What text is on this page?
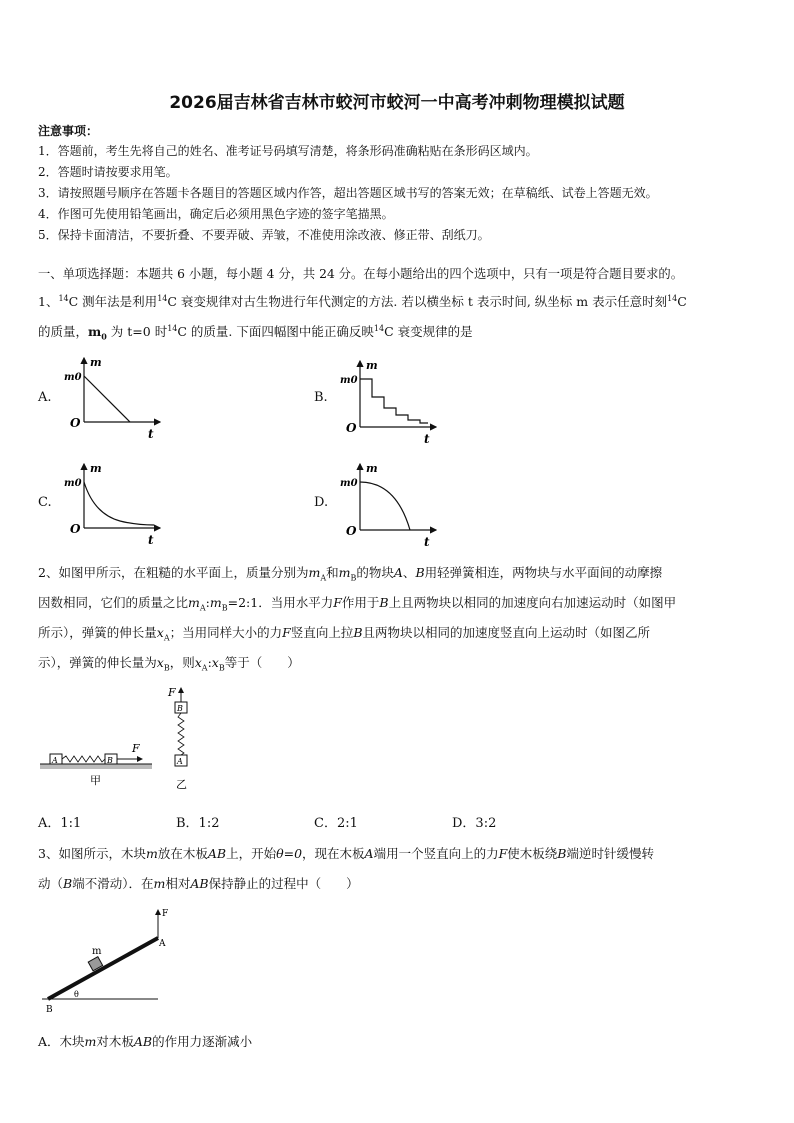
2026届吉林省吉林市蛟河市蛟河一中高考冲刺物理模拟试题
注意事项：
1．答题前，考生先将自己的姓名、准考证号码填写清楚，将条形码准确粘贴在条形码区域内。
2．答题时请按要求用笔。
3．请按照题号顺序在答题卡各题目的答题区域内作答，超出答题区域书写的答案无效；在草稿纸、试卷上答题无效。
4．作图可先使用铅笔画出，确定后必须用黑色字迹的签字笔描黑。
5．保持卡面清洁，不要折叠、不要弄破、弄皱，不准使用涂改液、修正带、刮纸刀。
一、单项选择题：本题共 6 小题，每小题 4 分，共 24 分。在每小题给出的四个选项中，只有一项是符合题目要求的。
1、$^{14}$C 测年法是利用$^{14}$C 衰变规律对古生物进行年代测定的方法. 若以横坐标 t 表示时间, 纵坐标 m 表示任意时刻$^{14}$C
的质量，$m_0$ 为 t=0 时$^{14}$C 的质量. 下面四幅图中能正确反映$^{14}$C 衰变规律的是
A.	B.
C.	D.
m
m0
O
t
m
m0
O
t
m
m0
O
t
m
m0
O
t
2、如图甲所示，在粗糙的水平面上，质量分别为$m_A$和$m_B$的物块A、B用轻弹簧相连，两物块与水平面间的动摩擦
因数相同，它们的质量之比$m_A:m_B=2:1$．当用水平力F作用于B上且两物块以相同的加速度向右加速运动时（如图甲
所示），弹簧的伸长量$x_A$；当用同样大小的力F竖直向上拉B且两物块以相同的加速度竖直向上运动时（如图乙所
示），弹簧的伸长量为$x_B$，则$x_A:x_B$等于（　　）
A	B
F
甲
F
B
A
乙
A．1:1	B．1:2	C．2:1	D．3:2
3、如图所示，木块m放在木板AB上，开始θ=0，现在木板A端用一个竖直向上的力F使木板绕B端逆时针缓慢转
动（B端不滑动）．在m相对AB保持静止的过程中（　　）
F
A
B
m
θ
A．木块m对木板AB的作用力逐渐减小
